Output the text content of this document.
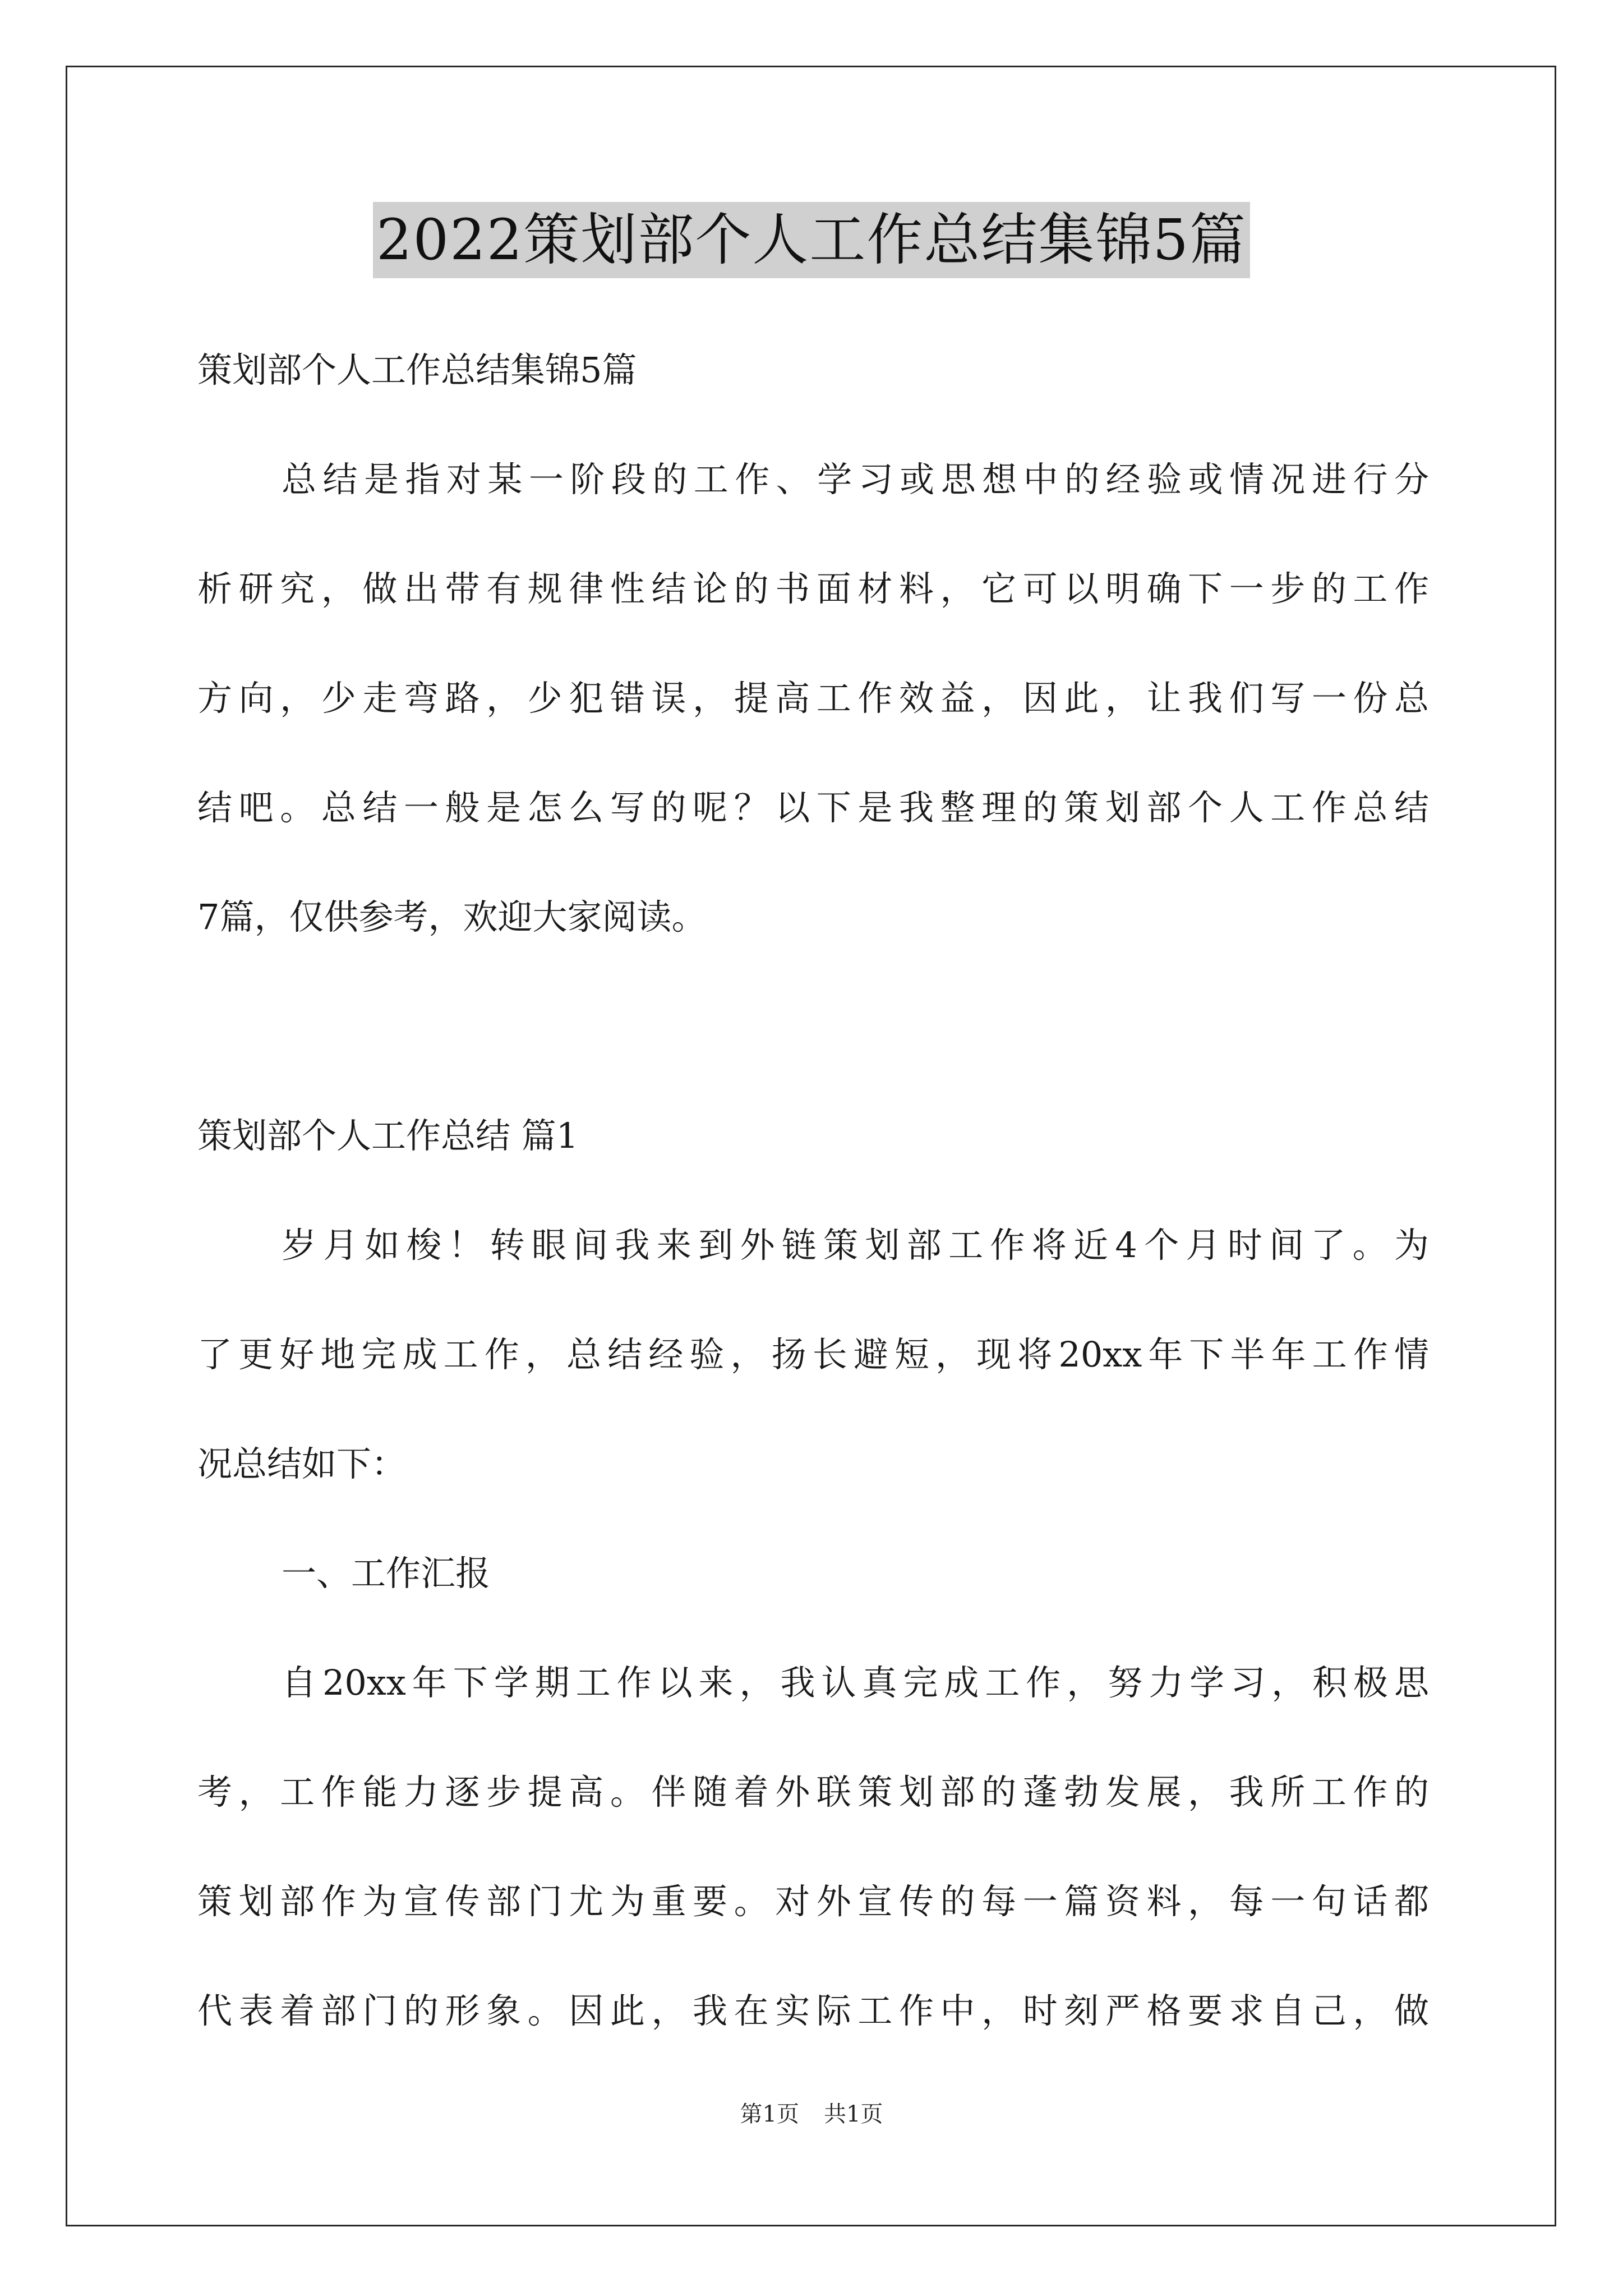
2022策划部个人工作总结集锦5篇
策划部个人工作总结集锦5篇
总结是指对某一阶段的工作、学习或思想中的经验或情况进行分
析研究，做出带有规律性结论的书面材料，它可以明确下一步的工作
方向，少走弯路，少犯错误，提高工作效益，因此，让我们写一份总
结吧。总结一般是怎么写的呢？以下是我整理的策划部个人工作总结
7篇，仅供参考，欢迎大家阅读。
策划部个人工作总结 篇1
岁月如梭！转眼间我来到外链策划部工作将近4个月时间了。为
了更好地完成工作，总结经验，扬长避短，现将20xx年下半年工作情
况总结如下：
一、工作汇报
自20xx年下学期工作以来，我认真完成工作，努力学习，积极思
考，工作能力逐步提高。伴随着外联策划部的蓬勃发展，我所工作的
策划部作为宣传部门尤为重要。对外宣传的每一篇资料，每一句话都
代表着部门的形象。因此，我在实际工作中，时刻严格要求自己，做
第1页 共1页
